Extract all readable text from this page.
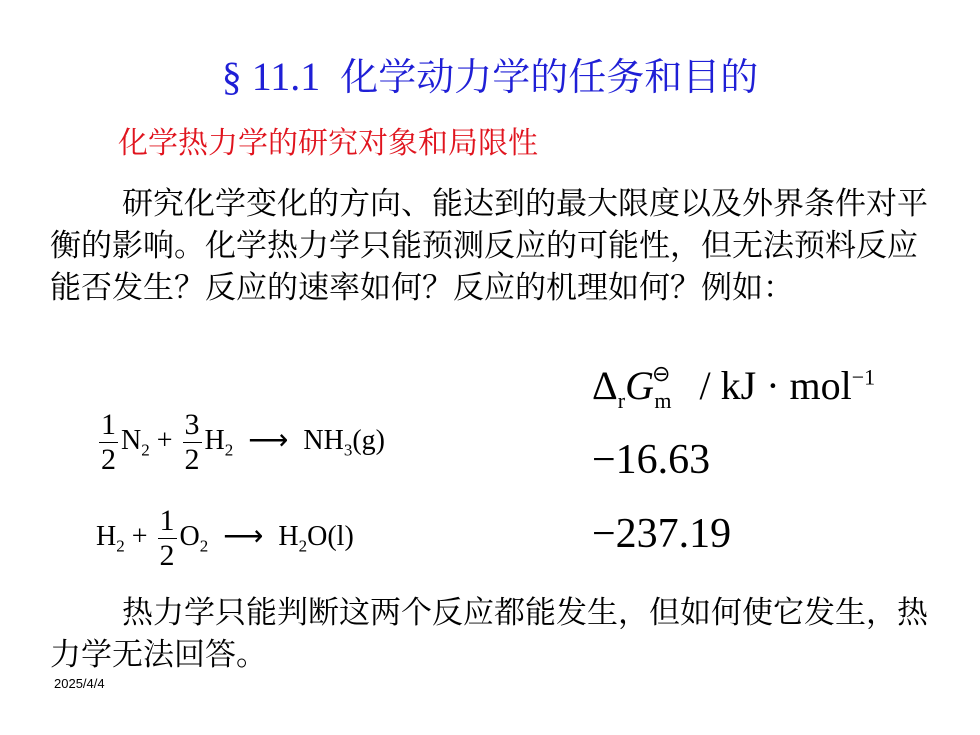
§ 11.1 化学动力学的任务和目的
化学热力学的研究对象和局限性
研究化学变化的方向、能达到的最大限度以及外界条件对平衡的影响。化学热力学只能预测反应的可能性，但无法预料反应能否发生？反应的速率如何？反应的机理如何？例如：
$\Delta_rG^⊖_m$ / kJ · mol$^{-1}$
$\frac{1}{2} N_2 + \frac{3}{2} H_2$ ⟶ $NH_3(g)$	−16.63
$H_2 + \frac{1}{2} O_2$ ⟶ $H_2O(l)$	−237.19
热力学只能判断这两个反应都能发生，但如何使它发生，热力学无法回答。
2025/4/4
